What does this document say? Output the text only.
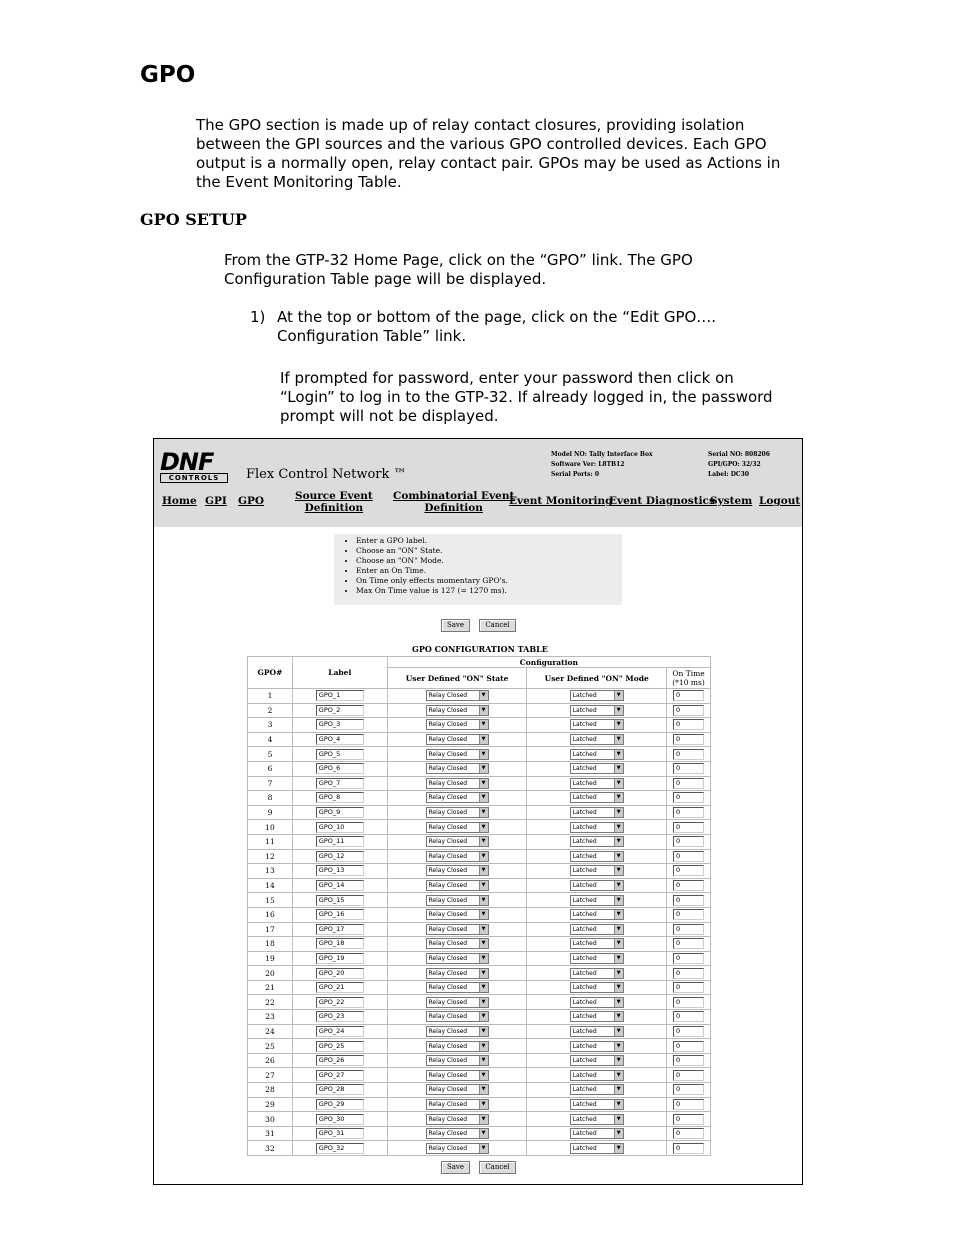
GPO
The GPO section is made up of relay contact closures, providing isolation
between the GPI sources and the various GPO controlled devices. Each GPO
output is a normally open, relay contact pair. GPOs may be used as Actions in
the Event Monitoring Table.
GPO SETUP
From the GTP-32 Home Page, click on the “GPO” link. The GPO
Configuration Table page will be displayed.
1) At the top or bottom of the page, click on the “Edit GPO….
Configuration Table” link.
If prompted for password, enter your password then click on
“Login” to log in to the GTP-32. If already logged in, the password
prompt will not be displayed.
DNF
CONTROLS	Flex Control Network ™
Model NO: Tally Interface Box
Software Ver: L8TB12
Serial Ports: 0
Serial NO: 808206
GPI/GPO: 32/32
Label: DC30
Home GPI GPO	Source Event
Definition
Combinatorial Event
Definition
Event Monitoring
Event Diagnostics
System Logout
• Enter a GPO label.
• Choose an "ON" State.
• Choose an "ON" Mode.
• Enter an On Time.
• On Time only effects momentary GPO's.
• Max On Time value is 127 (= 1270 ms).
Save	Cancel
GPO CONFIGURATION TABLE
GPO#	Label	Configuration		
		User Defined "ON" State	User Defined "ON" Mode	On Time
(*10 ms)

1	GPO_1	Relay Closed ▼	Latched ▼	0
2	GPO_2	Relay Closed ▼	Latched ▼	0
3	GPO_3	Relay Closed ▼	Latched ▼	0
4	GPO_4	Relay Closed ▼	Latched ▼	0
5	GPO_5	Relay Closed ▼	Latched ▼	0
6	GPO_6	Relay Closed ▼	Latched ▼	0
7	GPO_7	Relay Closed ▼	Latched ▼	0
8	GPO_8	Relay Closed ▼	Latched ▼	0
9	GPO_9	Relay Closed ▼	Latched ▼	0
10	GPO_10	Relay Closed ▼	Latched ▼	0
11	GPO_11	Relay Closed ▼	Latched ▼	0
12	GPO_12	Relay Closed ▼	Latched ▼	0
13	GPO_13	Relay Closed ▼	Latched ▼	0
14	GPO_14	Relay Closed ▼	Latched ▼	0
15	GPO_15	Relay Closed ▼	Latched ▼	0
16	GPO_16	Relay Closed ▼	Latched ▼	0
17	GPO_17	Relay Closed ▼	Latched ▼	0
18	GPO_18	Relay Closed ▼	Latched ▼	0
19	GPO_19	Relay Closed ▼	Latched ▼	0
20	GPO_20	Relay Closed ▼	Latched ▼	0
21	GPO_21	Relay Closed ▼	Latched ▼	0
22	GPO_22	Relay Closed ▼	Latched ▼	0
23	GPO_23	Relay Closed ▼	Latched ▼	0
24	GPO_24	Relay Closed ▼	Latched ▼	0
25	GPO_25	Relay Closed ▼	Latched ▼	0
26	GPO_26	Relay Closed ▼	Latched ▼	0
27	GPO_27	Relay Closed ▼	Latched ▼	0
28	GPO_28	Relay Closed ▼	Latched ▼	0
29	GPO_29	Relay Closed ▼	Latched ▼	0
30	GPO_30	Relay Closed ▼	Latched ▼	0
31	GPO_31	Relay Closed ▼	Latched ▼	0
32	GPO_32	Relay Closed ▼	Latched ▼	0
Save	Cancel
